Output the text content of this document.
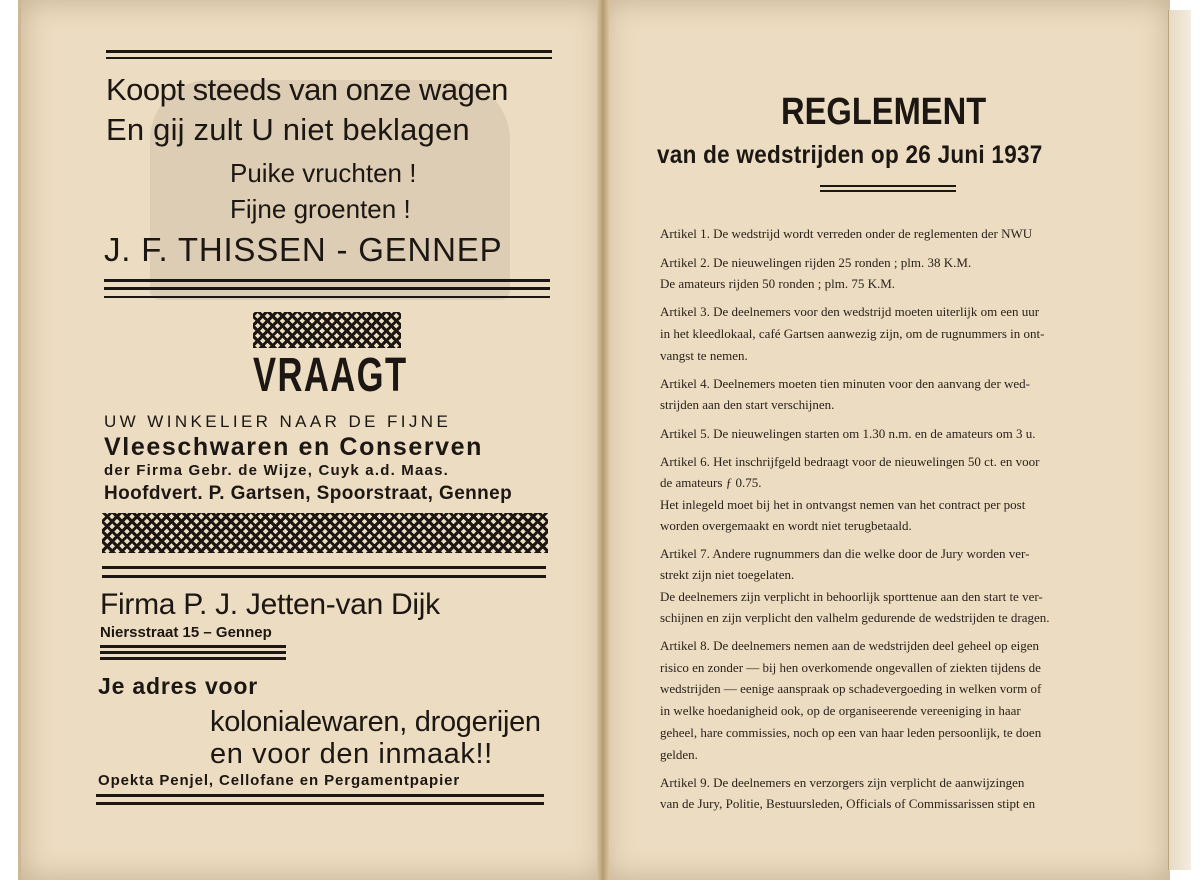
Koopt steeds van onze wagen
En gij zult U niet beklagen
Puike vruchten !
Fijne groenten !
J. F. THISSEN - GENNEP
VRAAGT
UW WINKELIER NAAR DE FIJNE
Vleeschwaren en Conserven
der Firma Gebr. de Wijze, Cuyk a.d. Maas.
Hoofdvert. P. Gartsen, Spoorstraat, Gennep
Firma P. J. Jetten-van Dijk
Niersstraat 15 – Gennep
Je adres voor
kolonialewaren, drogerijen
en voor den inmaak!!
Opekta Penjel, Cellofane en Pergamentpapier
REGLEMENT
van de wedstrijden op 26 Juni 1937
Artikel 1. De wedstrijd wordt verreden onder de reglementen der NWU
Artikel 2. De nieuwelingen rijden 25 ronden ; plm. 38 K.M.
De amateurs rijden 50 ronden ; plm. 75 K.M.
Artikel 3. De deelnemers voor den wedstrijd moeten uiterlijk om een uur
in het kleedlokaal, café Gartsen aanwezig zijn, om de rugnummers in ont-
vangst te nemen.
Artikel 4. Deelnemers moeten tien minuten voor den aanvang der wed-
strijden aan den start verschijnen.
Artikel 5. De nieuwelingen starten om 1.30 n.m. en de amateurs om 3 u.
Artikel 6. Het inschrijfgeld bedraagt voor de nieuwelingen 50 ct. en voor
de amateurs ƒ 0.75.
Het inlegeld moet bij het in ontvangst nemen van het contract per post
worden overgemaakt en wordt niet terugbetaald.
Artikel 7. Andere rugnummers dan die welke door de Jury worden ver-
strekt zijn niet toegelaten.
De deelnemers zijn verplicht in behoorlijk sporttenue aan den start te ver-
schijnen en zijn verplicht den valhelm gedurende de wedstrijden te dragen.
Artikel 8. De deelnemers nemen aan de wedstrijden deel geheel op eigen
risico en zonder — bij hen overkomende ongevallen of ziekten tijdens de
wedstrijden — eenige aanspraak op schadevergoeding in welken vorm of
in welke hoedanigheid ook, op de organiseerende vereeniging in haar
geheel, hare commissies, noch op een van haar leden persoonlijk, te doen
gelden.
Artikel 9. De deelnemers en verzorgers zijn verplicht de aanwijzingen
van de Jury, Politie, Bestuursleden, Officials of Commissarissen stipt en
